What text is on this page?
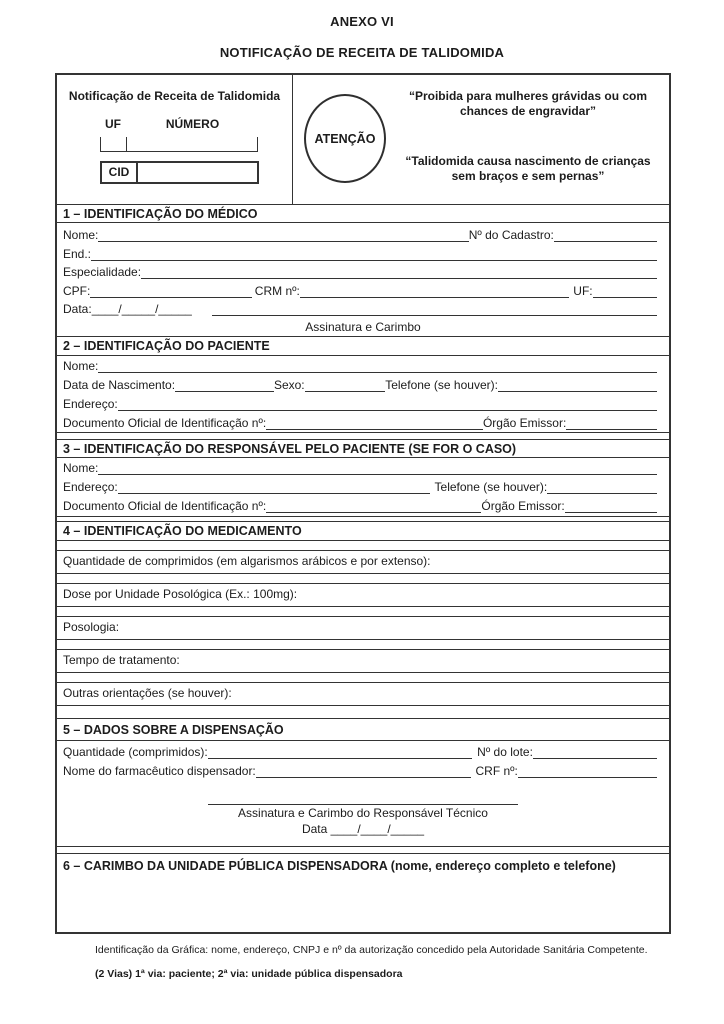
ANEXO VI
NOTIFICAÇÃO DE RECEITA DE TALIDOMIDA
Notificação de Receita de Talidomida
UF	NÚMERO
CID
ATENÇÃO
“Proibida para mulheres grávidas ou com chances de engravidar”
“Talidomida causa nascimento de crianças sem braços e sem pernas”
1 – IDENTIFICAÇÃO DO MÉDICO
Nome:	Nº do Cadastro:
End.:
Especialidade:
CPF:	CRM nº:	UF:
Data: ____/_____/_____
Assinatura e Carimbo
2 – IDENTIFICAÇÃO DO PACIENTE
Nome:
Data de Nascimento:	Sexo:	Telefone (se houver):
Endereço:
Documento Oficial de Identificação nº:	Órgão Emissor:
3 – IDENTIFICAÇÃO DO RESPONSÁVEL PELO PACIENTE (SE FOR O CASO)
Nome:
Endereço:	Telefone (se houver):
Documento Oficial de Identificação nº:	Órgão Emissor:
4 – IDENTIFICAÇÃO DO MEDICAMENTO
Quantidade de comprimidos (em algarismos arábicos e por extenso):
Dose por Unidade Posológica (Ex.: 100mg):
Posologia:
Tempo de tratamento:
Outras orientações (se houver):
5 – DADOS SOBRE A DISPENSAÇÃO
Quantidade (comprimidos):	Nº do lote:
Nome do farmacêutico dispensador:	CRF nº:
Assinatura e Carimbo do Responsável Técnico
Data ____/____/_____
6 – CARIMBO DA UNIDADE PÚBLICA DISPENSADORA (nome, endereço completo e telefone)
Identificação da Gráfica: nome, endereço, CNPJ e nº da autorização concedido pela Autoridade Sanitária Competente.
(2 Vias) 1ª via: paciente; 2ª via: unidade pública dispensadora
